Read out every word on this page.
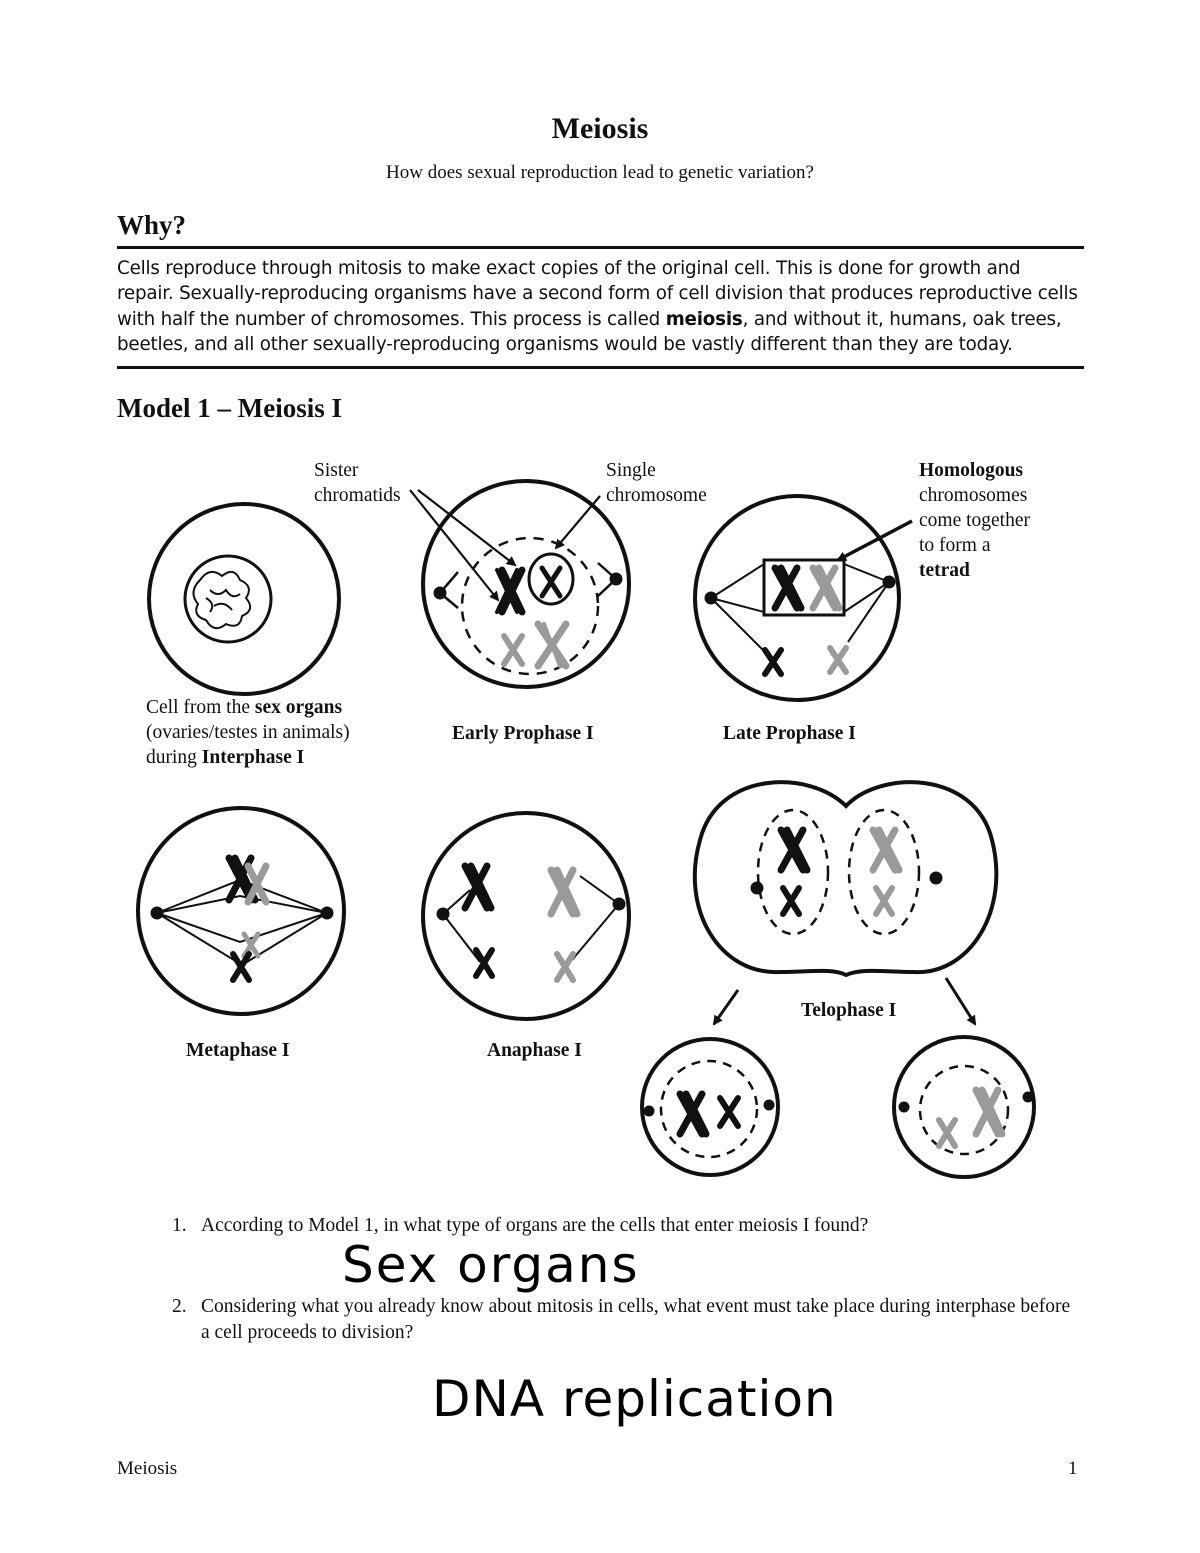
Meiosis
How does sexual reproduction lead to genetic variation?
Why?
Cells reproduce through mitosis to make exact copies of the original cell. This is done for growth and repair. Sexually-reproducing organisms have a second form of cell division that produces reproductive cells with half the number of chromosomes. This process is called meiosis, and without it, humans, oak trees, beetles, and all other sexually-reproducing organisms would be vastly different than they are today.
Model 1 – Meiosis I
Sister
chromatids
Single
chromosome
Homologous
chromosomes
come together
to form a
tetrad
Cell from the sex organs
(ovaries/testes in animals)
during Interphase I
Early Prophase I	Late Prophase I
Metaphase I	Anaphase I
Telophase I
1. According to Model 1, in what type of organs are the cells that enter meiosis I found?
Sex organs
2. Considering what you already know about mitosis in cells, what event must take place during interphase before a cell proceeds to division?
DNA replication
Meiosis	1
